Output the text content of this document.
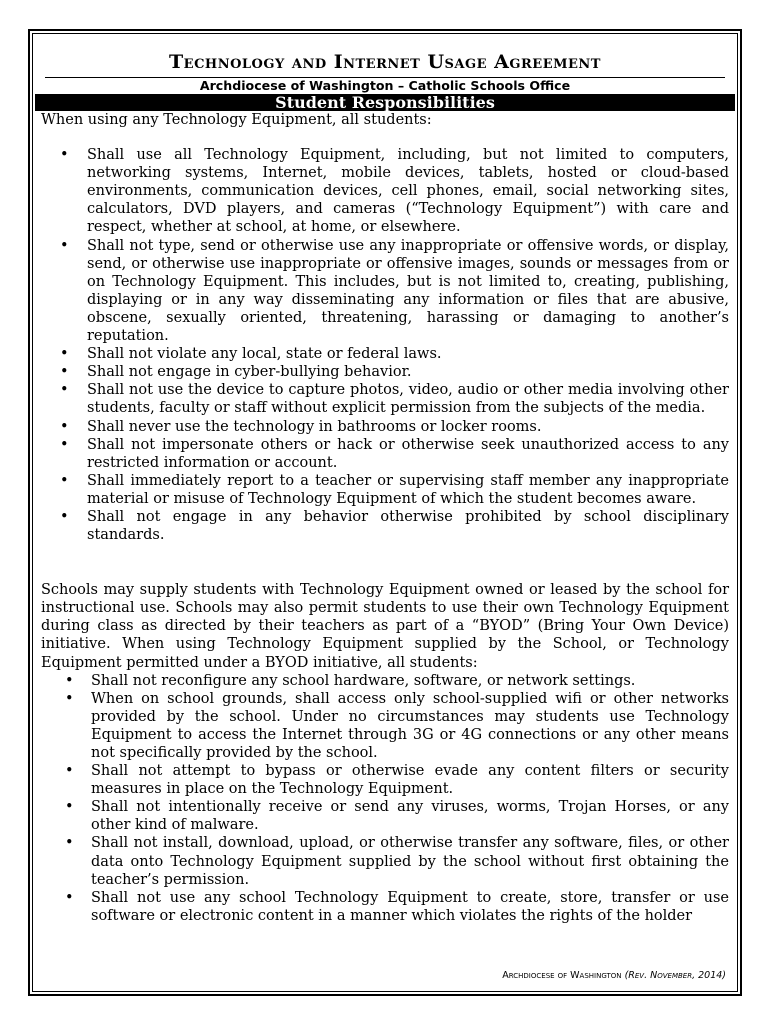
Technology and Internet Usage Agreement
Archdiocese of Washington – Catholic Schools Office
Student Responsibilities

When using any Technology Equipment, all students:

• Shall use all Technology Equipment, including, but not limited to computers, networking systems, Internet, mobile devices, tablets, hosted or cloud-based environments, communication devices, cell phones, email, social networking sites, calculators, DVD players, and cameras (“Technology Equipment”) with care and respect, whether at school, at home, or elsewhere.
• Shall not type, send or otherwise use any inappropriate or offensive words, or display, send, or otherwise use inappropriate or offensive images, sounds or messages from or on Technology Equipment. This includes, but is not limited to, creating, publishing, displaying or in any way disseminating any information or files that are abusive, obscene, sexually oriented, threatening, harassing or damaging to another’s reputation.
• Shall not violate any local, state or federal laws.
• Shall not engage in cyber-bullying behavior.
• Shall not use the device to capture photos, video, audio or other media involving other students, faculty or staff without explicit permission from the subjects of the media.
• Shall never use the technology in bathrooms or locker rooms.
• Shall not impersonate others or hack or otherwise seek unauthorized access to any restricted information or account.
• Shall immediately report to a teacher or supervising staff member any inappropriate material or misuse of Technology Equipment of which the student becomes aware.
• Shall not engage in any behavior otherwise prohibited by school disciplinary standards.

Schools may supply students with Technology Equipment owned or leased by the school for instructional use. Schools may also permit students to use their own Technology Equipment during class as directed by their teachers as part of a “BYOD” (Bring Your Own Device) initiative. When using Technology Equipment supplied by the School, or Technology Equipment permitted under a BYOD initiative, all students:

• Shall not reconfigure any school hardware, software, or network settings.
• When on school grounds, shall access only school-supplied wifi or other networks provided by the school. Under no circumstances may students use Technology Equipment to access the Internet through 3G or 4G connections or any other means not specifically provided by the school.
• Shall not attempt to bypass or otherwise evade any content filters or security measures in place on the Technology Equipment.
• Shall not intentionally receive or send any viruses, worms, Trojan Horses, or any other kind of malware.
• Shall not install, download, upload, or otherwise transfer any software, files, or other data onto Technology Equipment supplied by the school without first obtaining the teacher’s permission.
• Shall not use any school Technology Equipment to create, store, transfer or use software or electronic content in a manner which violates the rights of the holder
Archdiocese of Washington (Rev. November, 2014)
